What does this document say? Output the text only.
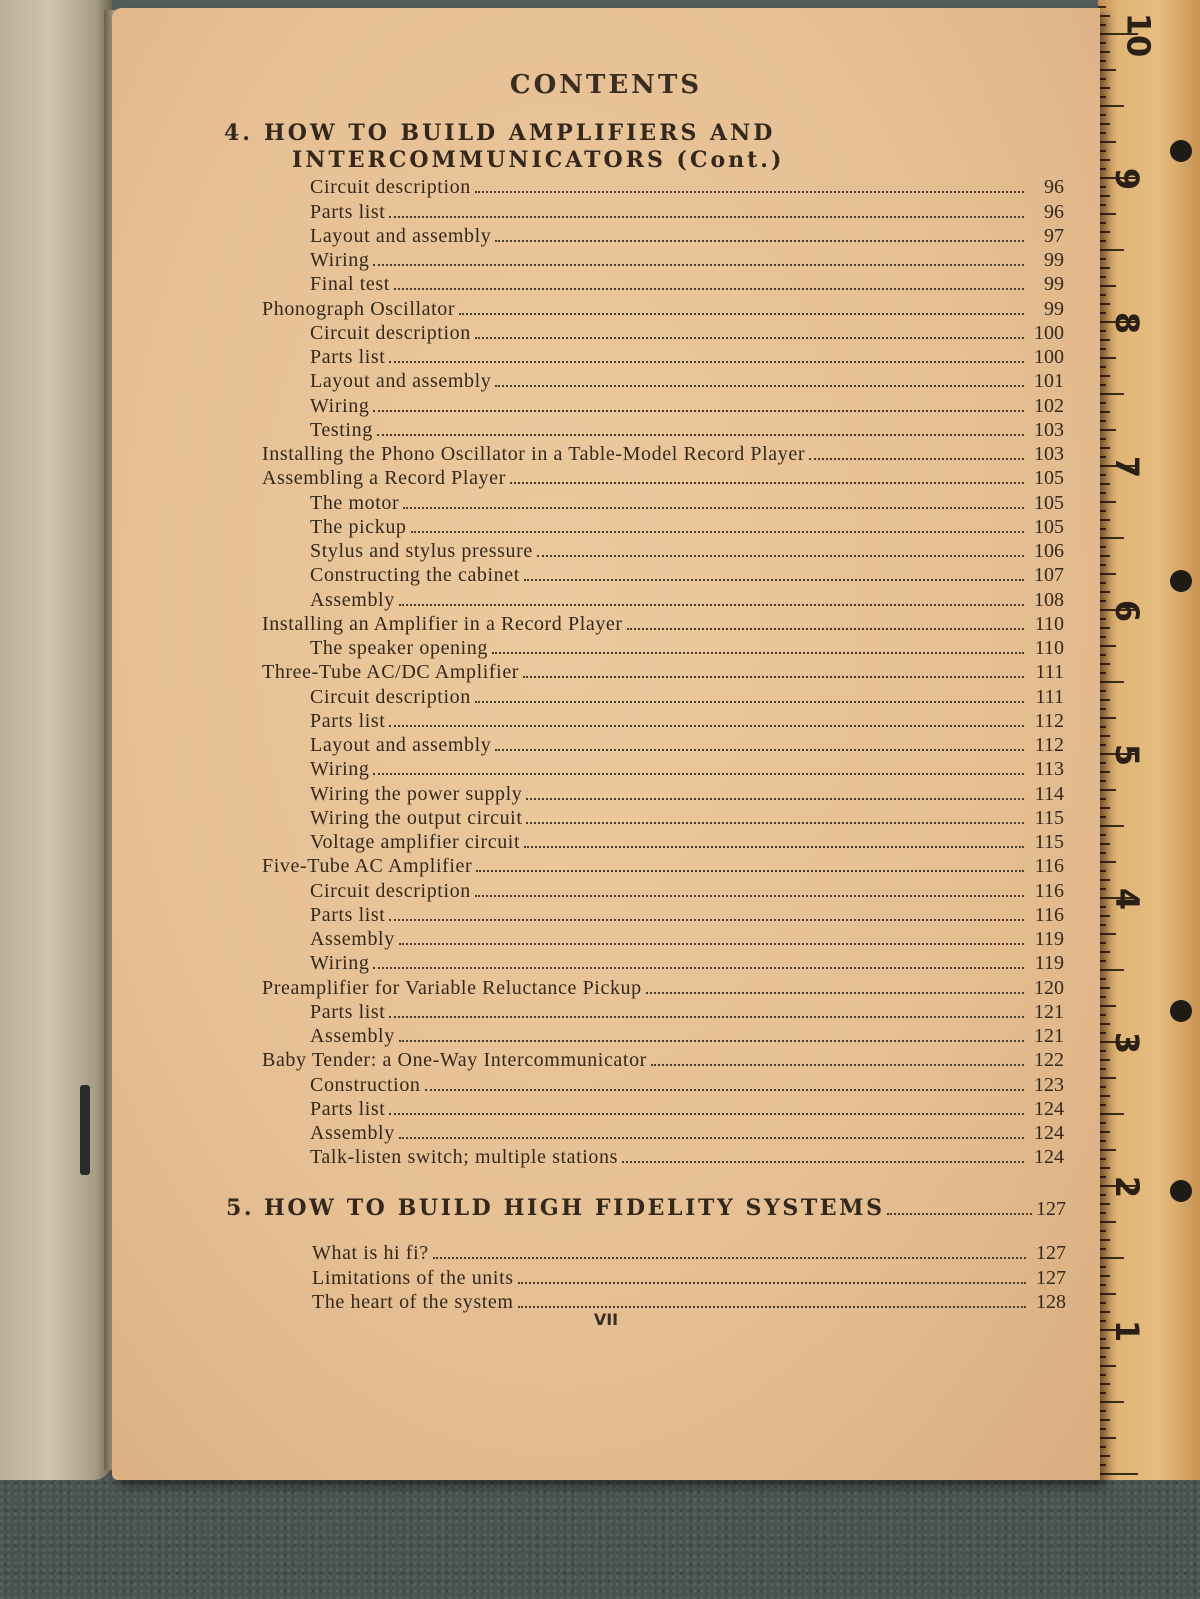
10
9
8
7
6
5
4
3
2
1
CONTENTS
4. HOW TO BUILD AMPLIFIERS AND
INTERCOMMUNICATORS (Cont.)
Circuit description	96
Parts list	96
Layout and assembly	97
Wiring	99
Final test	99
Phonograph Oscillator	99
Circuit description	100
Parts list	100
Layout and assembly	101
Wiring	102
Testing	103
Installing the Phono Oscillator in a Table-Model Record Player	103
Assembling a Record Player	105
The motor	105
The pickup	105
Stylus and stylus pressure	106
Constructing the cabinet	107
Assembly	108
Installing an Amplifier in a Record Player	110
The speaker opening	110
Three-Tube AC/DC Amplifier	111
Circuit description	111
Parts list	112
Layout and assembly	112
Wiring	113
Wiring the power supply	114
Wiring the output circuit	115
Voltage amplifier circuit	115
Five-Tube AC Amplifier	116
Circuit description	116
Parts list	116
Assembly	119
Wiring	119
Preamplifier for Variable Reluctance Pickup	120
Parts list	121
Assembly	121
Baby Tender: a One-Way Intercommunicator	122
Construction	123
Parts list	124
Assembly	124
Talk-listen switch; multiple stations	124
5. HOW TO BUILD HIGH FIDELITY SYSTEMS	127
What is hi fi?	127
Limitations of the units	127
The heart of the system	128
VII
